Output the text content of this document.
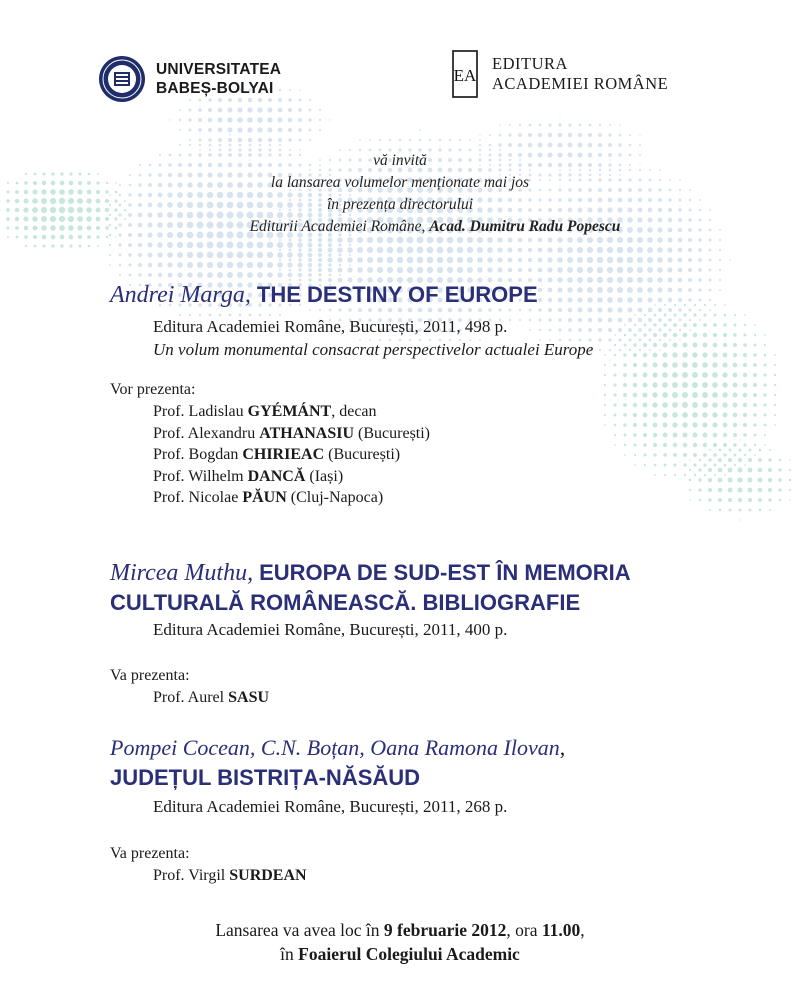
UNIVERSITATEA
BABEȘ-BOLYAI
EA
EDITURA
ACADEMIEI ROMÂNE
vă invită
la lansarea volumelor menționate mai jos
în prezența directorului
Editurii Academiei Române, Acad. Dumitru Radu Popescu
Andrei Marga, THE DESTINY OF EUROPE
Editura Academiei Române, București, 2011, 498 p.
Un volum monumental consacrat perspectivelor actualei Europe
Vor prezenta:
Prof. Ladislau GYÉMÁNT, decan
Prof. Alexandru ATHANASIU (București)
Prof. Bogdan CHIRIEAC (București)
Prof. Wilhelm DANCĂ (Iași)
Prof. Nicolae PĂUN (Cluj-Napoca)
Mircea Muthu, EUROPA DE SUD-EST ÎN MEMORIA
CULTURALĂ ROMÂNEASCĂ. BIBLIOGRAFIE
Editura Academiei Române, București, 2011, 400 p.
Va prezenta:
Prof. Aurel SASU
Pompei Cocean, C.N. Boțan, Oana Ramona Ilovan,
JUDEȚUL BISTRIȚA-NĂSĂUD
Editura Academiei Române, București, 2011, 268 p.
Va prezenta:
Prof. Virgil SURDEAN
Lansarea va avea loc în 9 februarie 2012, ora 11.00,
în Foaierul Colegiului Academic
